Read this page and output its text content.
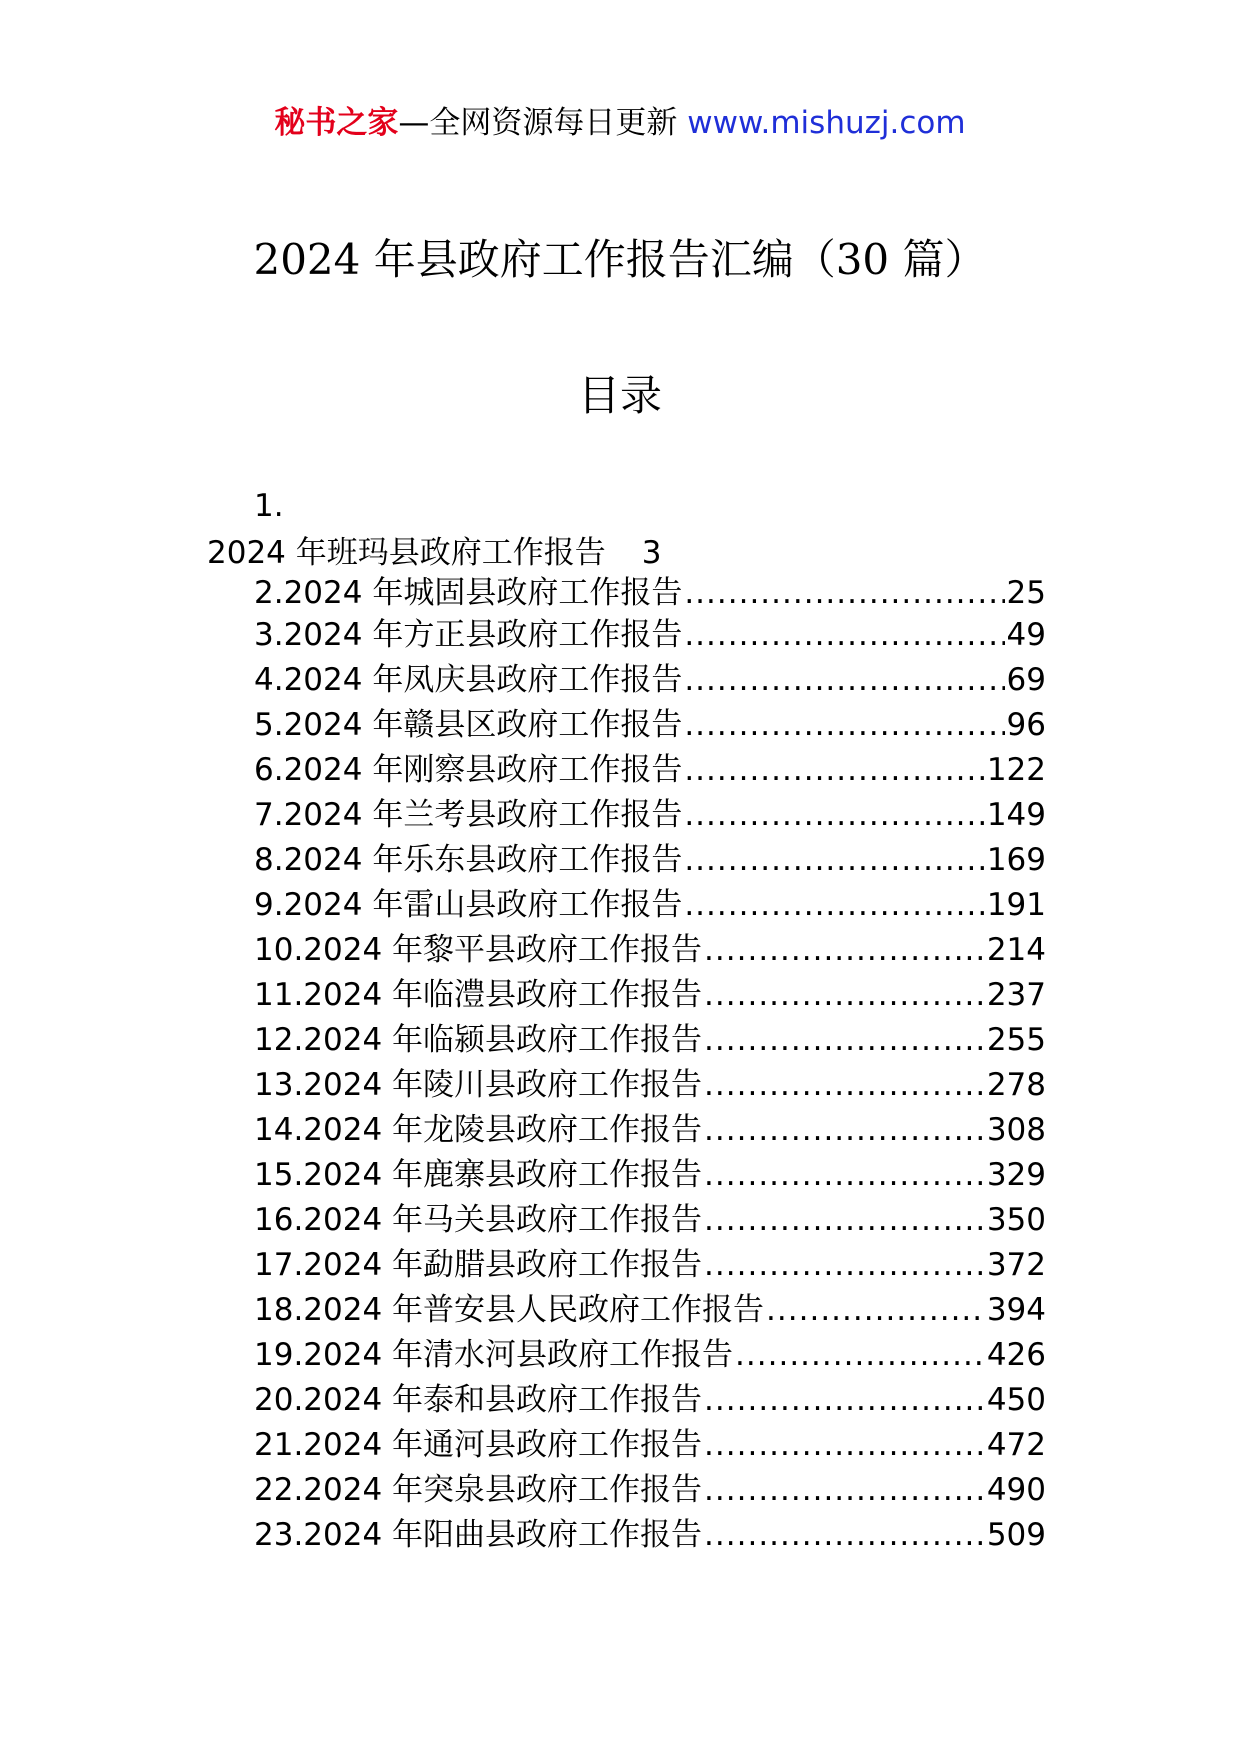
秘书之家—全网资源每日更新 www.mishuzj.com
2024 年县政府工作报告汇编（30 篇）
目录
1.
2024 年班玛县政府工作报告 3
2.2024 年城固县政府工作报告 .....	25
3.2024 年方正县政府工作报告 .....	49
4.2024 年凤庆县政府工作报告 .....	69
5.2024 年赣县区政府工作报告 .....	96
6.2024 年刚察县政府工作报告 .....	122
7.2024 年兰考县政府工作报告 .....	149
8.2024 年乐东县政府工作报告 .....	169
9.2024 年雷山县政府工作报告 .....	191
10.2024 年黎平县政府工作报告 .....	214
11.2024 年临澧县政府工作报告 .....	237
12.2024 年临颍县政府工作报告 .....	255
13.2024 年陵川县政府工作报告 .....	278
14.2024 年龙陵县政府工作报告 .....	308
15.2024 年鹿寨县政府工作报告 .....	329
16.2024 年马关县政府工作报告 .....	350
17.2024 年勐腊县政府工作报告 .....	372
18.2024 年普安县人民政府工作报告 .....	394
19.2024 年清水河县政府工作报告 .....	426
20.2024 年泰和县政府工作报告 .....	450
21.2024 年通河县政府工作报告 .....	472
22.2024 年突泉县政府工作报告 .....	490
23.2024 年阳曲县政府工作报告 .....	509
